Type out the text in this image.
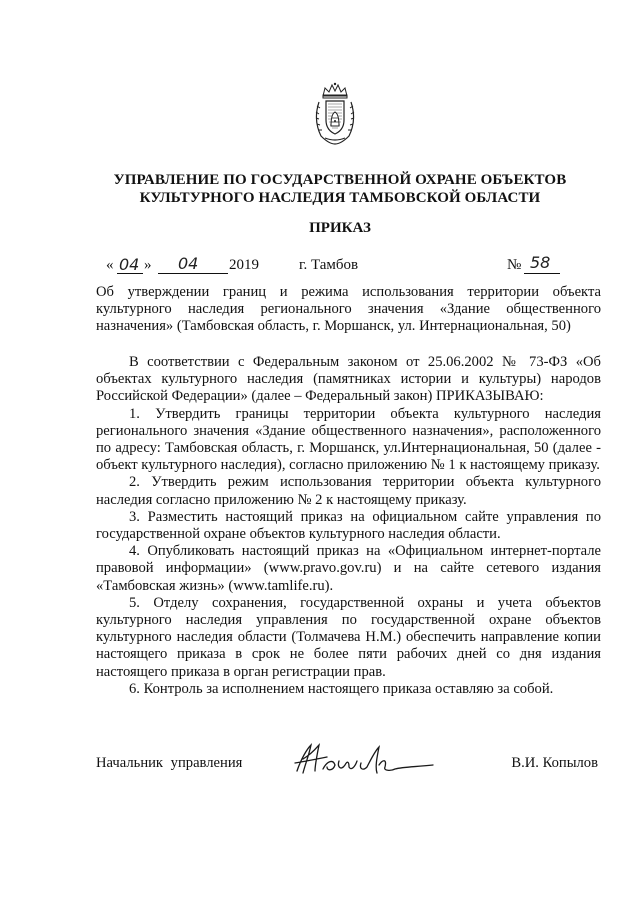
УПРАВЛЕНИЕ ПО ГОСУДАРСТВЕННОЙ ОХРАНЕ ОБЪЕКТОВ
КУЛЬТУРНОГО НАСЛЕДИЯ ТАМБОВСКОЙ ОБЛАСТИ
ПРИКАЗ
« 04 » 04 2019	г. Тамбов	№ 58
Об утверждении границ и режима использования территории объекта культурного наследия регионального значения «Здание общественного назначения» (Тамбовская область, г. Моршанск, ул. Интернациональная, 50)

В соответствии с Федеральным законом от 25.06.2002 № 73-ФЗ «Об объектах культурного наследия (памятниках истории и культуры) народов Российской Федерации» (далее – Федеральный закон) ПРИКАЗЫВАЮ:

1. Утвердить границы территории объекта культурного наследия регионального значения «Здание общественного назначения», расположенного по адресу: Тамбовская область, г. Моршанск, ул.Интернациональная, 50 (далее - объект культурного наследия), согласно приложению № 1 к настоящему приказу.

2. Утвердить режим использования территории объекта культурного наследия согласно приложению № 2 к настоящему приказу.

3. Разместить настоящий приказ на официальном сайте управления по государственной охране объектов культурного наследия области.

4. Опубликовать настоящий приказ на «Официальном интернет-портале правовой информации» (www.pravo.gov.ru) и на сайте сетевого издания «Тамбовская жизнь» (www.tamlife.ru).

5. Отделу сохранения, государственной охраны и учета объектов культурного наследия управления по государственной охране объектов культурного наследия области (Толмачева Н.М.) обеспечить направление копии настоящего приказа в срок не более пяти рабочих дней со дня издания настоящего приказа в орган регистрации прав.

6. Контроль за исполнением настоящего приказа оставляю за собой.

Начальник управления	В.И. Копылов
